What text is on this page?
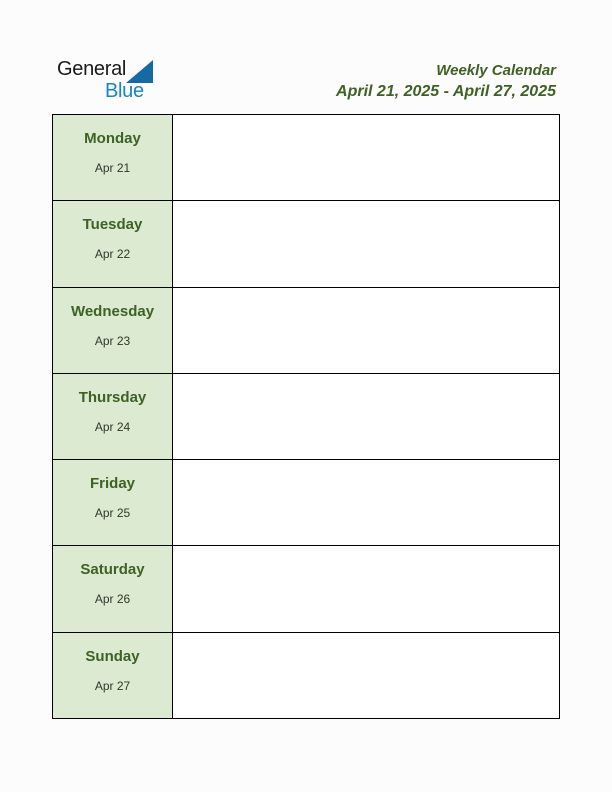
General
Blue
Weekly Calendar
April 21, 2025 - April 27, 2025
Monday
Apr 21	

Tuesday
Apr 22	

Wednesday
Apr 23	

Thursday
Apr 24	

Friday
Apr 25	

Saturday
Apr 26	

Sunday
Apr 27	
